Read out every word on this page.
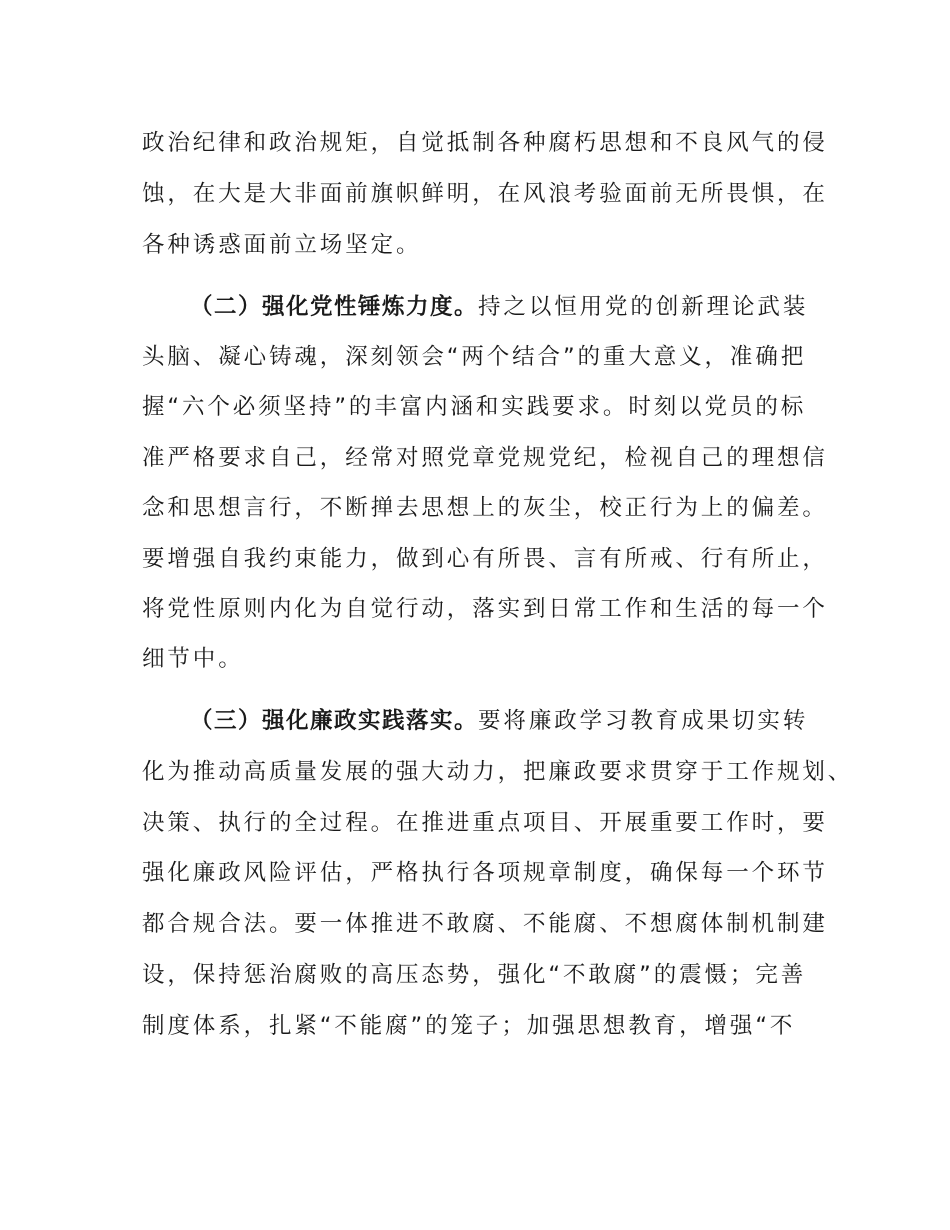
政治纪律和政治规矩，自觉抵制各种腐朽思想和不良风气的侵
蚀，在大是大非面前旗帜鲜明，在风浪考验面前无所畏惧，在
各种诱惑面前立场坚定。
（二）强化党性锤炼力度。持之以恒用党的创新理论武装
头脑、凝心铸魂，深刻领会“两个结合”的重大意义，准确把
握“六个必须坚持”的丰富内涵和实践要求。时刻以党员的标
准严格要求自己，经常对照党章党规党纪，检视自己的理想信
念和思想言行，不断掸去思想上的灰尘，校正行为上的偏差。
要增强自我约束能力，做到心有所畏、言有所戒、行有所止，
将党性原则内化为自觉行动，落实到日常工作和生活的每一个
细节中。
（三）强化廉政实践落实。要将廉政学习教育成果切实转
化为推动高质量发展的强大动力，把廉政要求贯穿于工作规划、
决策、执行的全过程。在推进重点项目、开展重要工作时，要
强化廉政风险评估，严格执行各项规章制度，确保每一个环节
都合规合法。要一体推进不敢腐、不能腐、不想腐体制机制建
设，保持惩治腐败的高压态势，强化“不敢腐”的震慑；完善
制度体系，扎紧“不能腐”的笼子；加强思想教育，增强“不
